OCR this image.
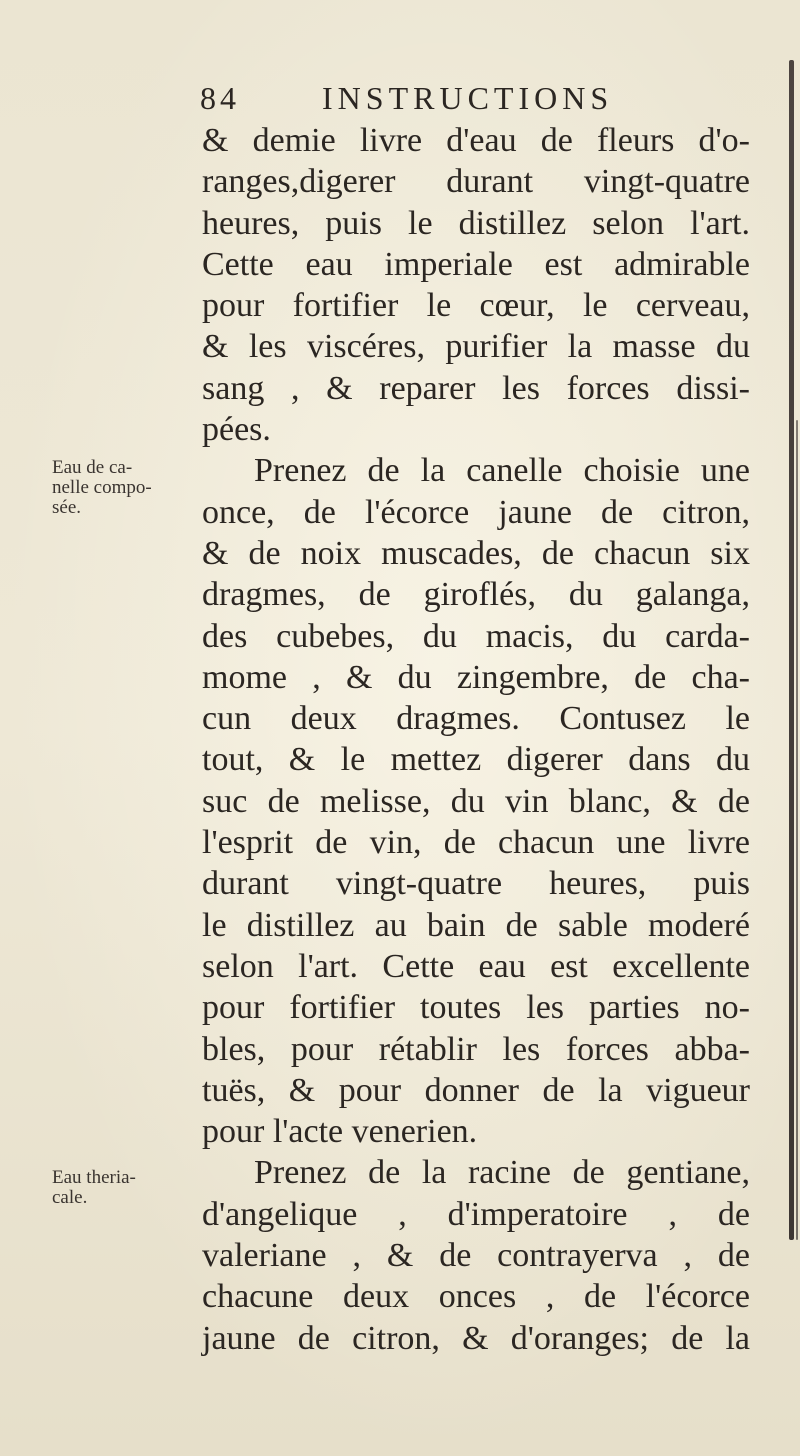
84	INSTRUCTIONS
Eau de ca-
nelle compo-
sée.
Eau theria-
cale.
& demie livre d'eau de fleurs d'o-
ranges,digerer durant vingt-quatre
heures, puis le distillez selon l'art.
Cette eau imperiale est admirable
pour fortifier le cœur, le cerveau,
& les viscéres, purifier la masse du
sang , & reparer les forces dissi-
pées.
Prenez de la canelle choisie une
once, de l'écorce jaune de citron,
& de noix muscades, de chacun six
dragmes, de giroflés, du galanga,
des cubebes, du macis, du carda-
mome , & du zingembre, de cha-
cun deux dragmes. Contusez le
tout, & le mettez digerer dans du
suc de melisse, du vin blanc, & de
l'esprit de vin, de chacun une livre
durant vingt-quatre heures, puis
le distillez au bain de sable moderé
selon l'art. Cette eau est excellente
pour fortifier toutes les parties no-
bles, pour rétablir les forces abba-
tuës, & pour donner de la vigueur
pour l'acte venerien.
Prenez de la racine de gentiane,
d'angelique , d'imperatoire , de
valeriane , & de contrayerva , de
chacune deux onces , de l'écorce
jaune de citron, & d'oranges; de la
